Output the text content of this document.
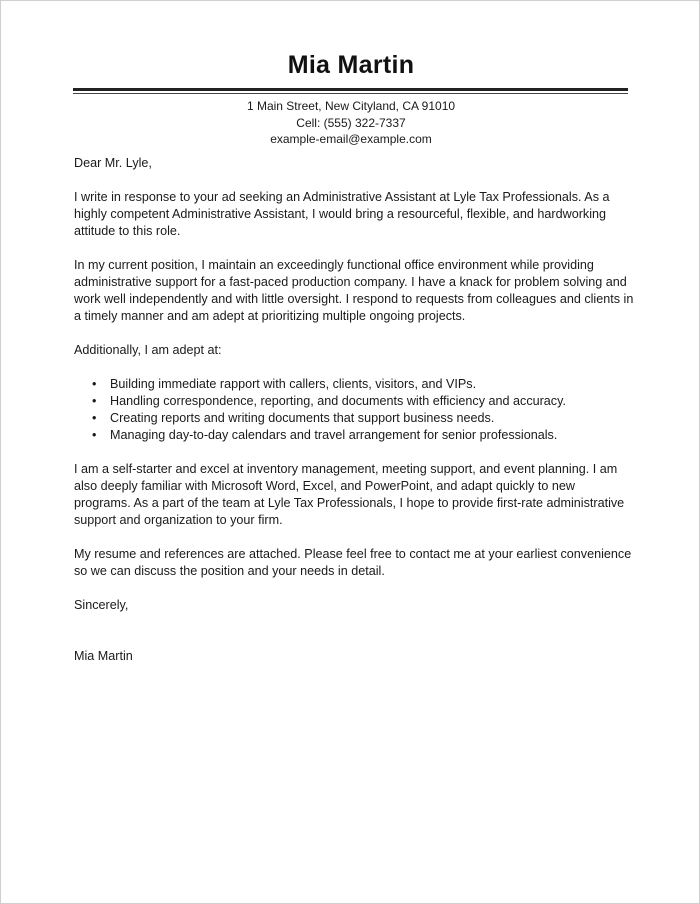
Mia Martin
1 Main Street, New Cityland, CA 91010
Cell: (555) 322-7337
example-email@example.com

Dear Mr. Lyle,

I write in response to your ad seeking an Administrative Assistant at Lyle Tax Professionals. As a highly competent Administrative Assistant, I would bring a resourceful, flexible, and hardworking attitude to this role.

In my current position, I maintain an exceedingly functional office environment while providing administrative support for a fast-paced production company. I have a knack for problem solving and work well independently and with little oversight. I respond to requests from colleagues and clients in a timely manner and am adept at prioritizing multiple ongoing projects.

Additionally, I am adept at:

• Building immediate rapport with callers, clients, visitors, and VIPs.
• Handling correspondence, reporting, and documents with efficiency and accuracy.
• Creating reports and writing documents that support business needs.
• Managing day-to-day calendars and travel arrangement for senior professionals.

I am a self-starter and excel at inventory management, meeting support, and event planning. I am also deeply familiar with Microsoft Word, Excel, and PowerPoint, and adapt quickly to new programs. As a part of the team at Lyle Tax Professionals, I hope to provide first-rate administrative support and organization to your firm.

My resume and references are attached. Please feel free to contact me at your earliest convenience so we can discuss the position and your needs in detail.

Sincerely,

Mia Martin
